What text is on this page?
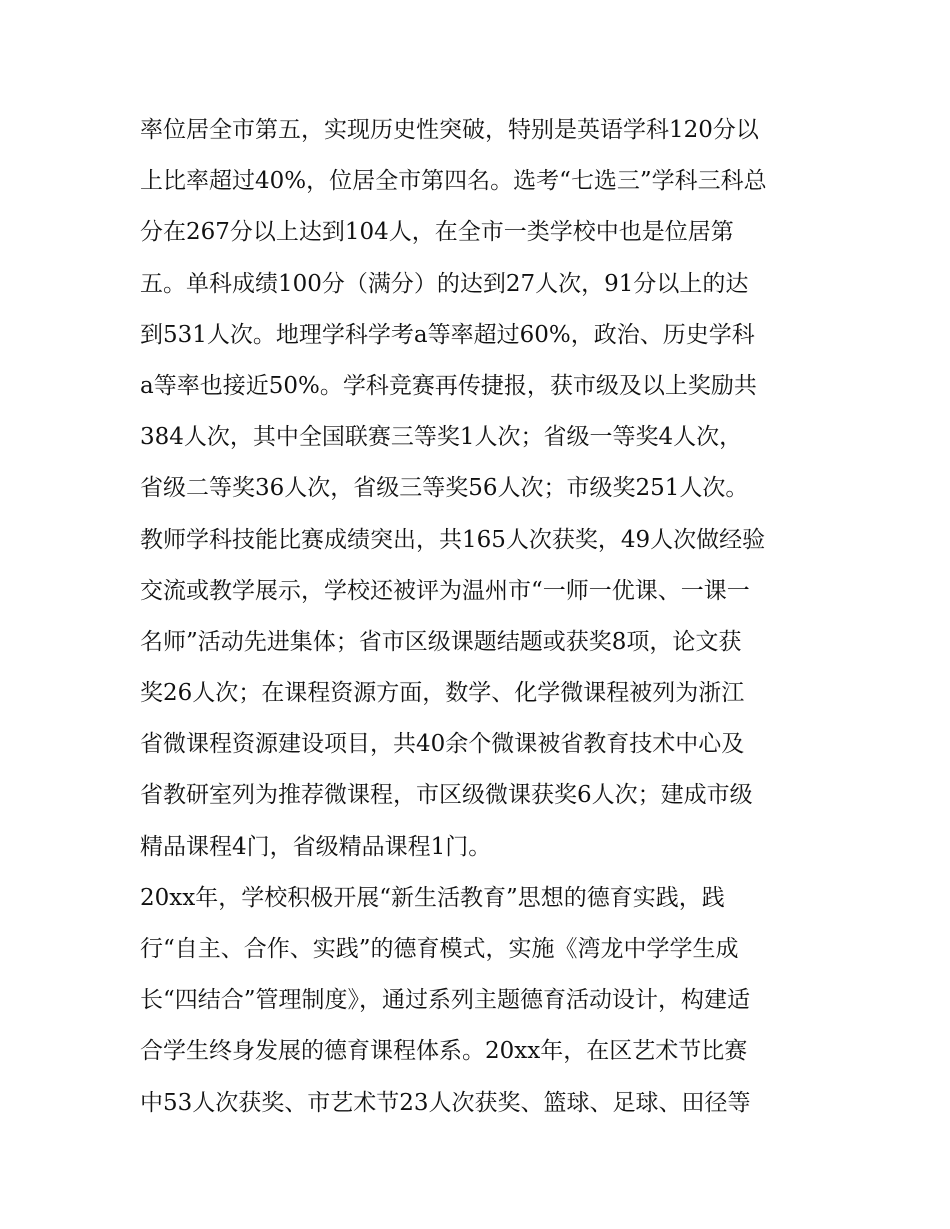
率位居全市第五，实现历史性突破，特别是英语学科120分以
上比率超过40%，位居全市第四名。选考“七选三”学科三科总
分在267分以上达到104人，在全市一类学校中也是位居第
五。单科成绩100分（满分）的达到27人次，91分以上的达
到531人次。地理学科学考a等率超过60%，政治、历史学科
a等率也接近50%。学科竞赛再传捷报，获市级及以上奖励共
384人次，其中全国联赛三等奖1人次；省级一等奖4人次，
省级二等奖36人次，省级三等奖56人次；市级奖251人次。
教师学科技能比赛成绩突出，共165人次获奖，49人次做经验
交流或教学展示，学校还被评为温州市“一师一优课、一课一
名师”活动先进集体；省市区级课题结题或获奖8项，论文获
奖26人次；在课程资源方面，数学、化学微课程被列为浙江
省微课程资源建设项目，共40余个微课被省教育技术中心及
省教研室列为推荐微课程，市区级微课获奖6人次；建成市级
精品课程4门，省级精品课程1门。
20xx年，学校积极开展“新生活教育”思想的德育实践，践
行“自主、合作、实践”的德育模式，实施《湾龙中学学生成
长“四结合”管理制度》，通过系列主题德育活动设计，构建适
合学生终身发展的德育课程体系。20xx年，在区艺术节比赛
中53人次获奖、市艺术节23人次获奖、篮球、足球、田径等
